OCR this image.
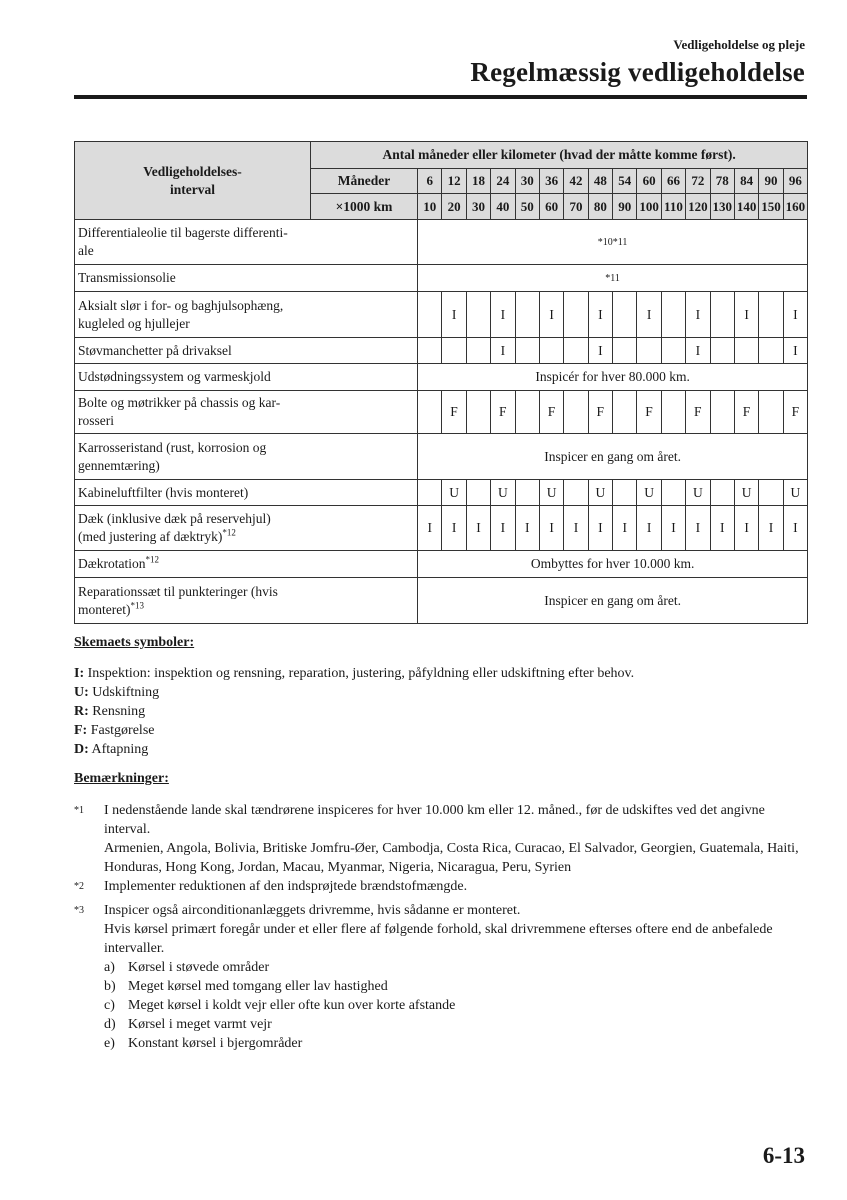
Vedligeholdelse og pleje
Regelmæssig vedligeholdelse
Vedligeholdelses-
interval	Antal måneder eller kilometer (hvad der måtte komme først).																
	Måneder	6	12	18	24	30	36	42	48	54	60	66	72	78	84	90	96
	×1000 km	10	20	30	40	50	60	70	80	90	100	110	120	130	140	150	160
Differentialeolie til bagerste differenti-
ale		*10*11															
Transmissionsolie		*11															
Aksialt slør i for- og baghjulsophæng,
kugleled og hjullejer			I		I		I		I		I		I		I		I
Støvmanchetter på drivaksel					I				I				I				I
Udstødningssystem og varmeskjold		Inspicér for hver 80.000 km.															
Bolte og møtrikker på chassis og kar-
rosseri			F		F		F		F		F		F		F		F
Karrosseristand (rust, korrosion og
gennemtæring)		Inspicer en gang om året.															
Kabineluftfilter (hvis monteret)			U		U		U		U		U		U		U		U
Dæk (inklusive dæk på reservehjul)
(med justering af dæktryk)$^{*12}$		I	I	I	I	I	I	I	I	I	I	I	I	I	I	I	I
Dækrotation$^{*12}$		Ombyttes for hver 10.000 km.															
Reparationssæt til punkteringer (hvis
monteret)$^{*13}$		Inspicer en gang om året.															
Skemaets symboler:
I: Inspektion: inspektion og rensning, reparation, justering, påfyldning eller udskiftning efter behov.
U: Udskiftning
R: Rensning
F: Fastgørelse
D: Aftapning
Bemærkninger:
$^{*1}$	I nedenstående lande skal tændrørene inspiceres for hver 10.000 km eller 12. måned., før de udskiftes ved det angivne interval.
Armenien, Angola, Bolivia, Britiske Jomfru-Øer, Cambodja, Costa Rica, Curacao, El Salvador, Georgien, Guatemala, Haiti, Honduras, Hong Kong, Jordan, Macau, Myanmar, Nigeria, Nicaragua, Peru, Syrien
$^{*2}$	Implementer reduktionen af den indsprøjtede brændstofmængde.
$^{*3}$	Inspicer også airconditionanlæggets drivremme, hvis sådanne er monteret.
Hvis kørsel primært foregår under et eller flere af følgende forhold, skal drivremmene efterses oftere end de anbefalede intervaller.
a) Kørsel i støvede områder
b) Meget kørsel med tomgang eller lav hastighed
c) Meget kørsel i koldt vejr eller ofte kun over korte afstande
d) Kørsel i meget varmt vejr
e) Konstant kørsel i bjergområder
6-13
